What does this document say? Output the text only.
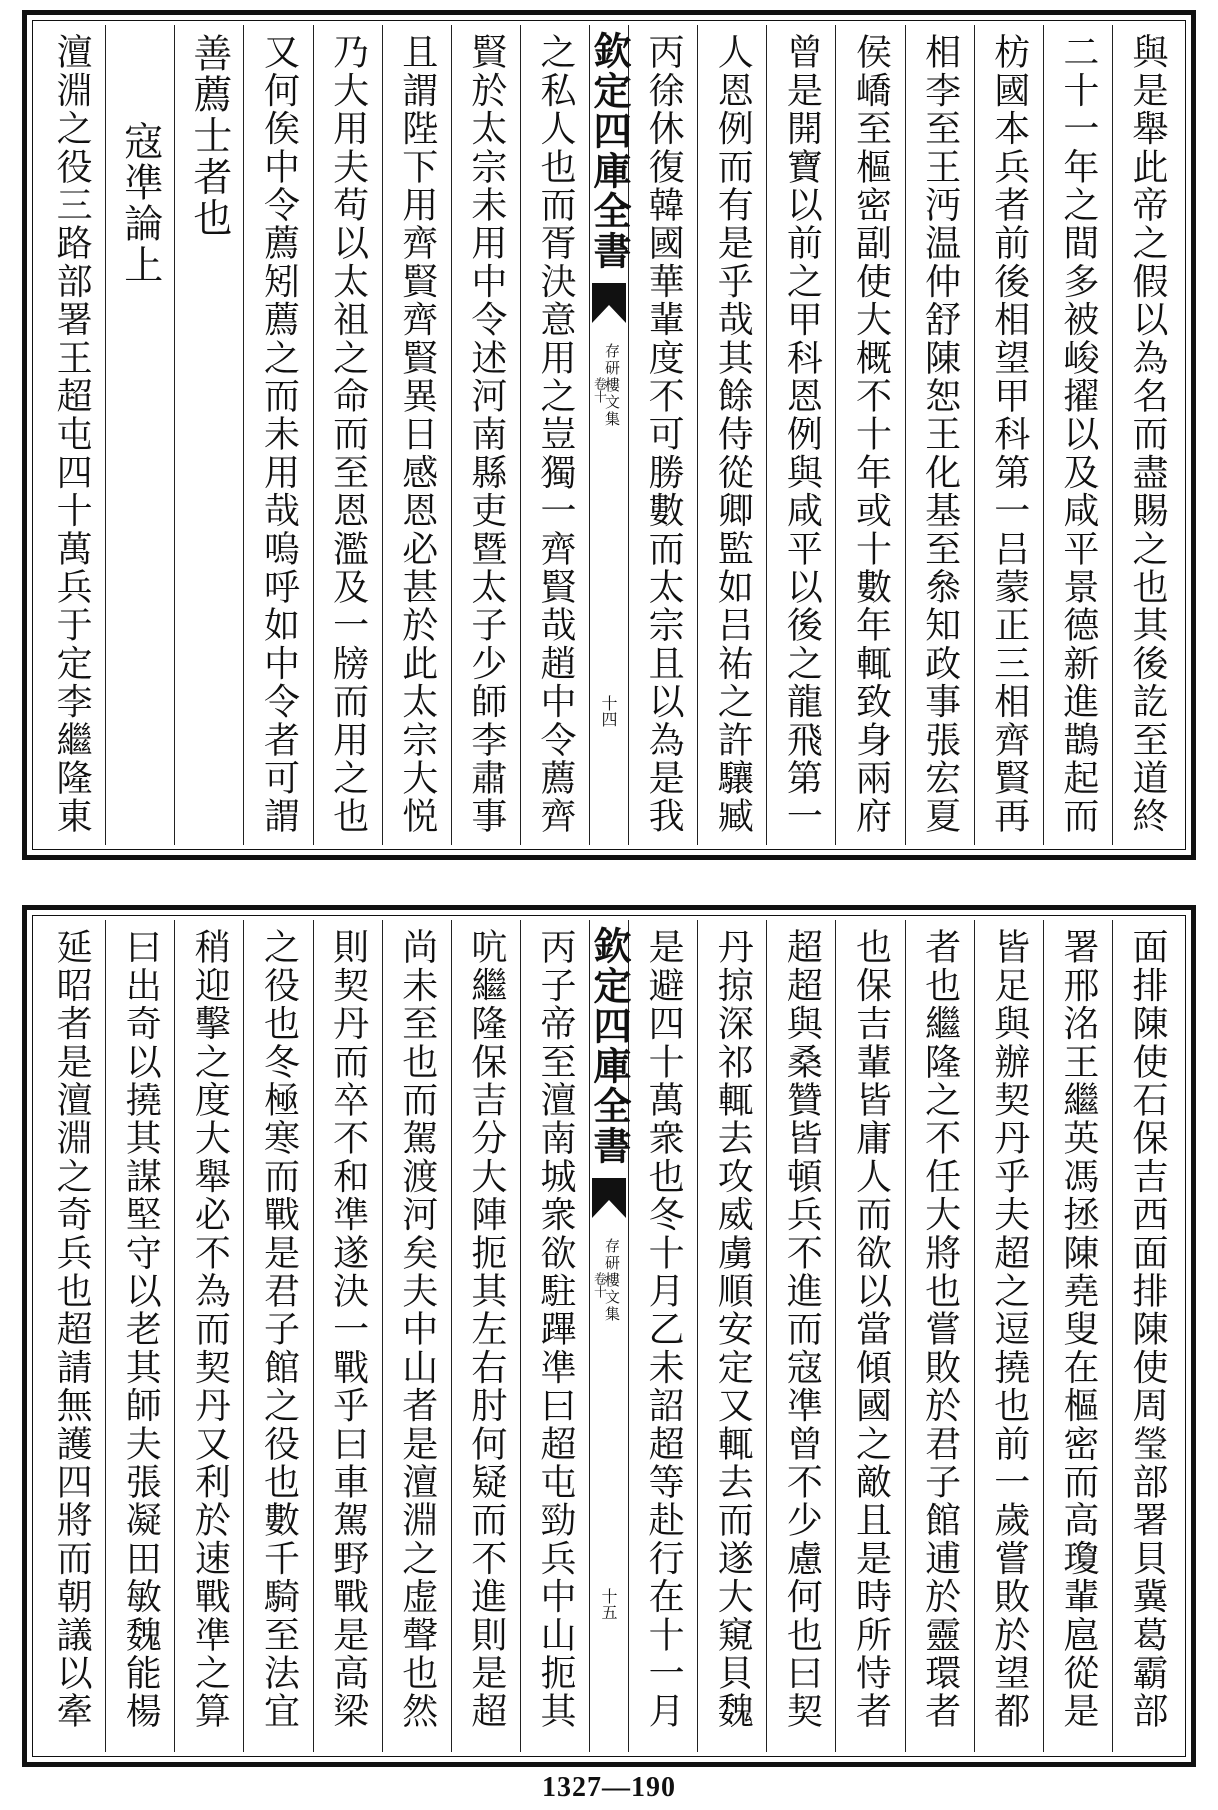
與是舉此帝之假以為名而盡賜之也其後訖至道終
二十一年之間多被峻擢以及咸平景德新進鵲起而
枋國本兵者前後相望甲科第一吕蒙正三相齊賢再
相李至王沔温仲舒陳恕王化基至叅知政事張宏夏
侯嶠至樞密副使大概不十年或十數年輒致身兩府
曾是開寶以前之甲科恩例與咸平以後之龍飛第一
人恩例而有是乎哉其餘侍從卿監如吕祐之許驤臧
丙徐休復韓國華輩度不可勝數而太宗且以為是我
欽定四庫全書
存研樓文集
卷十
十四
之私人也而胥決意用之豈獨一齊賢哉趙中令薦齊
賢於太宗未用中令述河南縣吏暨太子少師李肅事
且謂陛下用齊賢齊賢異日感恩必甚於此太宗大悦
乃大用夫苟以太祖之命而至恩濫及一牓而用之也
又何俟中令薦矧薦之而未用哉嗚呼如中令者可謂
善薦士者也
寇凖論上
澶淵之役三路部署王超屯四十萬兵于定李繼隆東
面排陳使石保吉西面排陳使周瑩部署貝冀葛霸部
署邢洺王繼英馮拯陳堯叟在樞密而高瓊輩扈從是
皆足與辦契丹乎夫超之逗撓也前一歲嘗敗於望都
者也繼隆之不任大將也嘗敗於君子館逋於靈環者
也保吉輩皆庸人而欲以當傾國之敵且是時所恃者
超超與桑贊皆頓兵不進而寇凖曾不少慮何也曰契
丹掠深祁輒去攻威虜順安定又輒去而遂大窺貝魏
是避四十萬衆也冬十月乙未詔超等赴行在十一月
欽定四庫全書
存研樓文集
卷十
十五
丙子帝至澶南城衆欲駐蹕凖曰超屯勁兵中山扼其
吭繼隆保吉分大陣扼其左右肘何疑而不進則是超
尚未至也而駕渡河矣夫中山者是澶淵之虚聲也然
則契丹而卒不和凖遂決一戰乎曰車駕野戰是高梁
之役也冬極寒而戰是君子館之役也數千騎至法宜
稍迎擊之度大舉必不為而契丹又利於速戰凖之算
曰出奇以撓其謀堅守以老其師夫張凝田敏魏能楊
延昭者是澶淵之奇兵也超請無護四將而朝議以牽
1327—190
